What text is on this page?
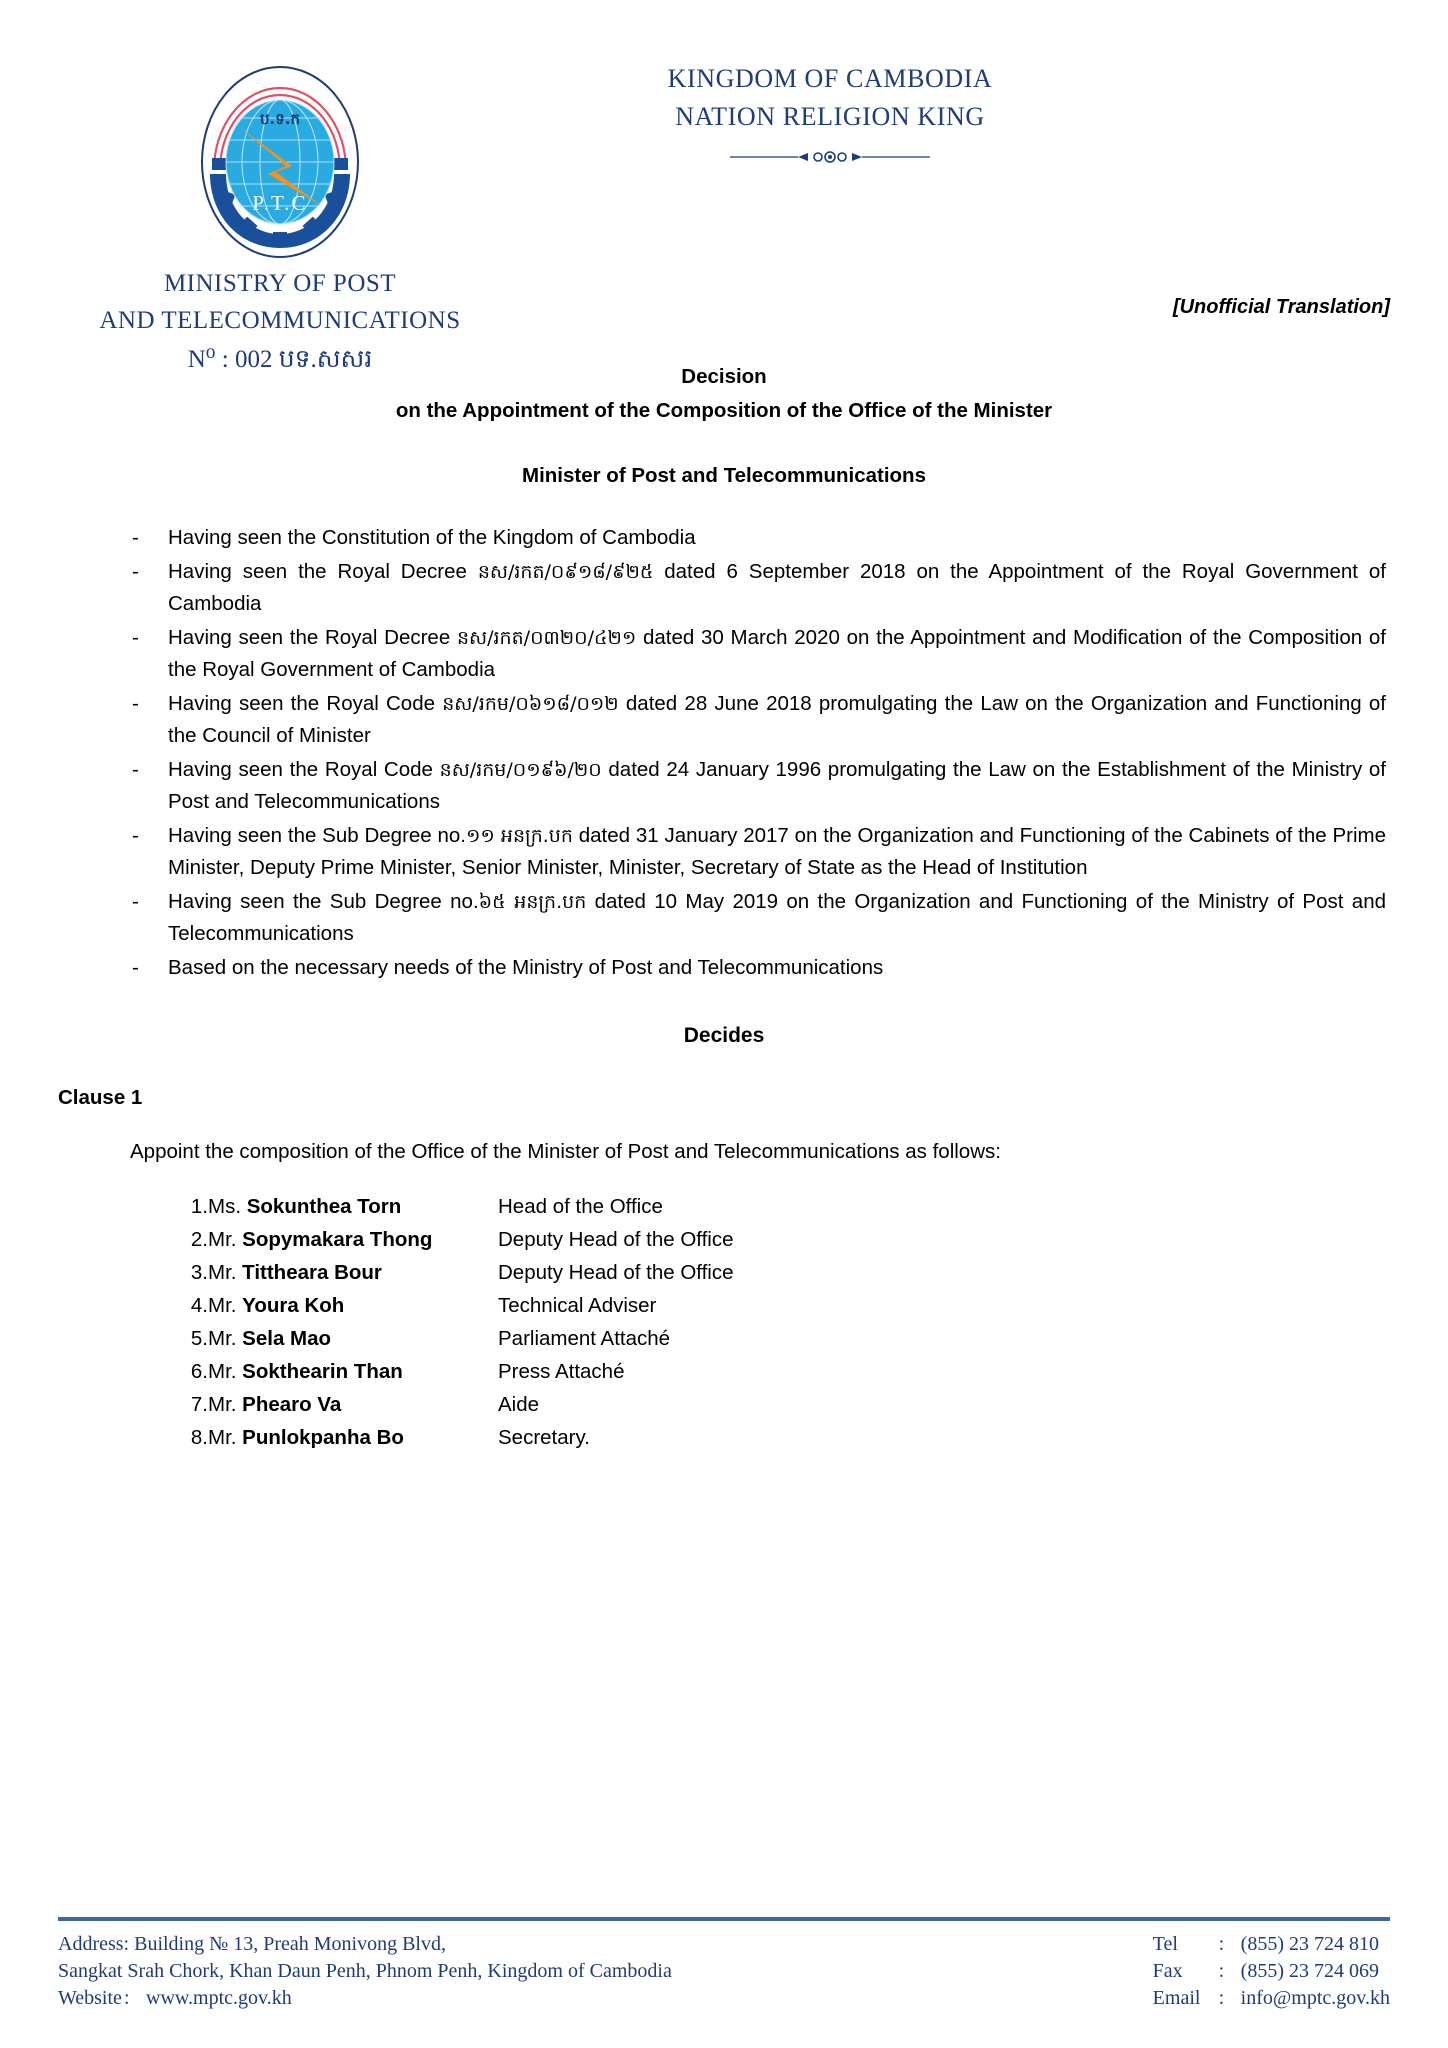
ប.ទ.ក
P.T.C
MINISTRY OF POST
AND TELECOMMUNICATIONS
$N^o$ : 002 បទ.សសរ
KINGDOM OF CAMBODIA
NATION RELIGION KING
[Unofficial Translation]
Decision
on the Appointment of the Composition of the Office of the Minister
Minister of Post and Telecommunications
- Having seen the Constitution of the Kingdom of Cambodia
- Having seen the Royal Decree នស/រកត/០៩១៨/៩២៥ dated 6 September 2018 on the Appointment of the Royal Government of Cambodia
- Having seen the Royal Decree នស/រកត/០៣២០/៤២១ dated 30 March 2020 on the Appointment and Modification of the Composition of the Royal Government of Cambodia
- Having seen the Royal Code នស/រកម/០៦១៨/០១២ dated 28 June 2018 promulgating the Law on the Organization and Functioning of the Council of Minister
- Having seen the Royal Code នស/រកម/០១៩៦/២០ dated 24 January 1996 promulgating the Law on the Establishment of the Ministry of Post and Telecommunications
- Having seen the Sub Degree no.១១ អនក្រ.បក dated 31 January 2017 on the Organization and Functioning of the Cabinets of the Prime Minister, Deputy Prime Minister, Senior Minister, Minister, Secretary of State as the Head of Institution
- Having seen the Sub Degree no.៦៥ អនក្រ.បក dated 10 May 2019 on the Organization and Functioning of the Ministry of Post and Telecommunications
- Based on the necessary needs of the Ministry of Post and Telecommunications
Decides
Clause 1
Appoint the composition of the Office of the Minister of Post and Telecommunications as follows:
1.	Ms. Sokunthea Torn	Head of the Office
2.	Mr. Sopymakara Thong	Deputy Head of the Office
3.	Mr. Tittheara Bour	Deputy Head of the Office
4.	Mr. Youra Koh	Technical Adviser
5.	Mr. Sela Mao	Parliament Attaché
6.	Mr. Sokthearin Than	Press Attaché
7.	Mr. Phearo Va	Aide
8.	Mr. Punlokpanha Bo	Secretary.
Address: Building № 13, Preah Monivong Blvd,
Sangkat Srah Chork, Khan Daun Penh, Phnom Penh, Kingdom of Cambodia
Website : www.mptc.gov.kh
Tel	: (855) 23 724 810
Fax	: (855) 23 724 069
Email : info@mptc.gov.kh
